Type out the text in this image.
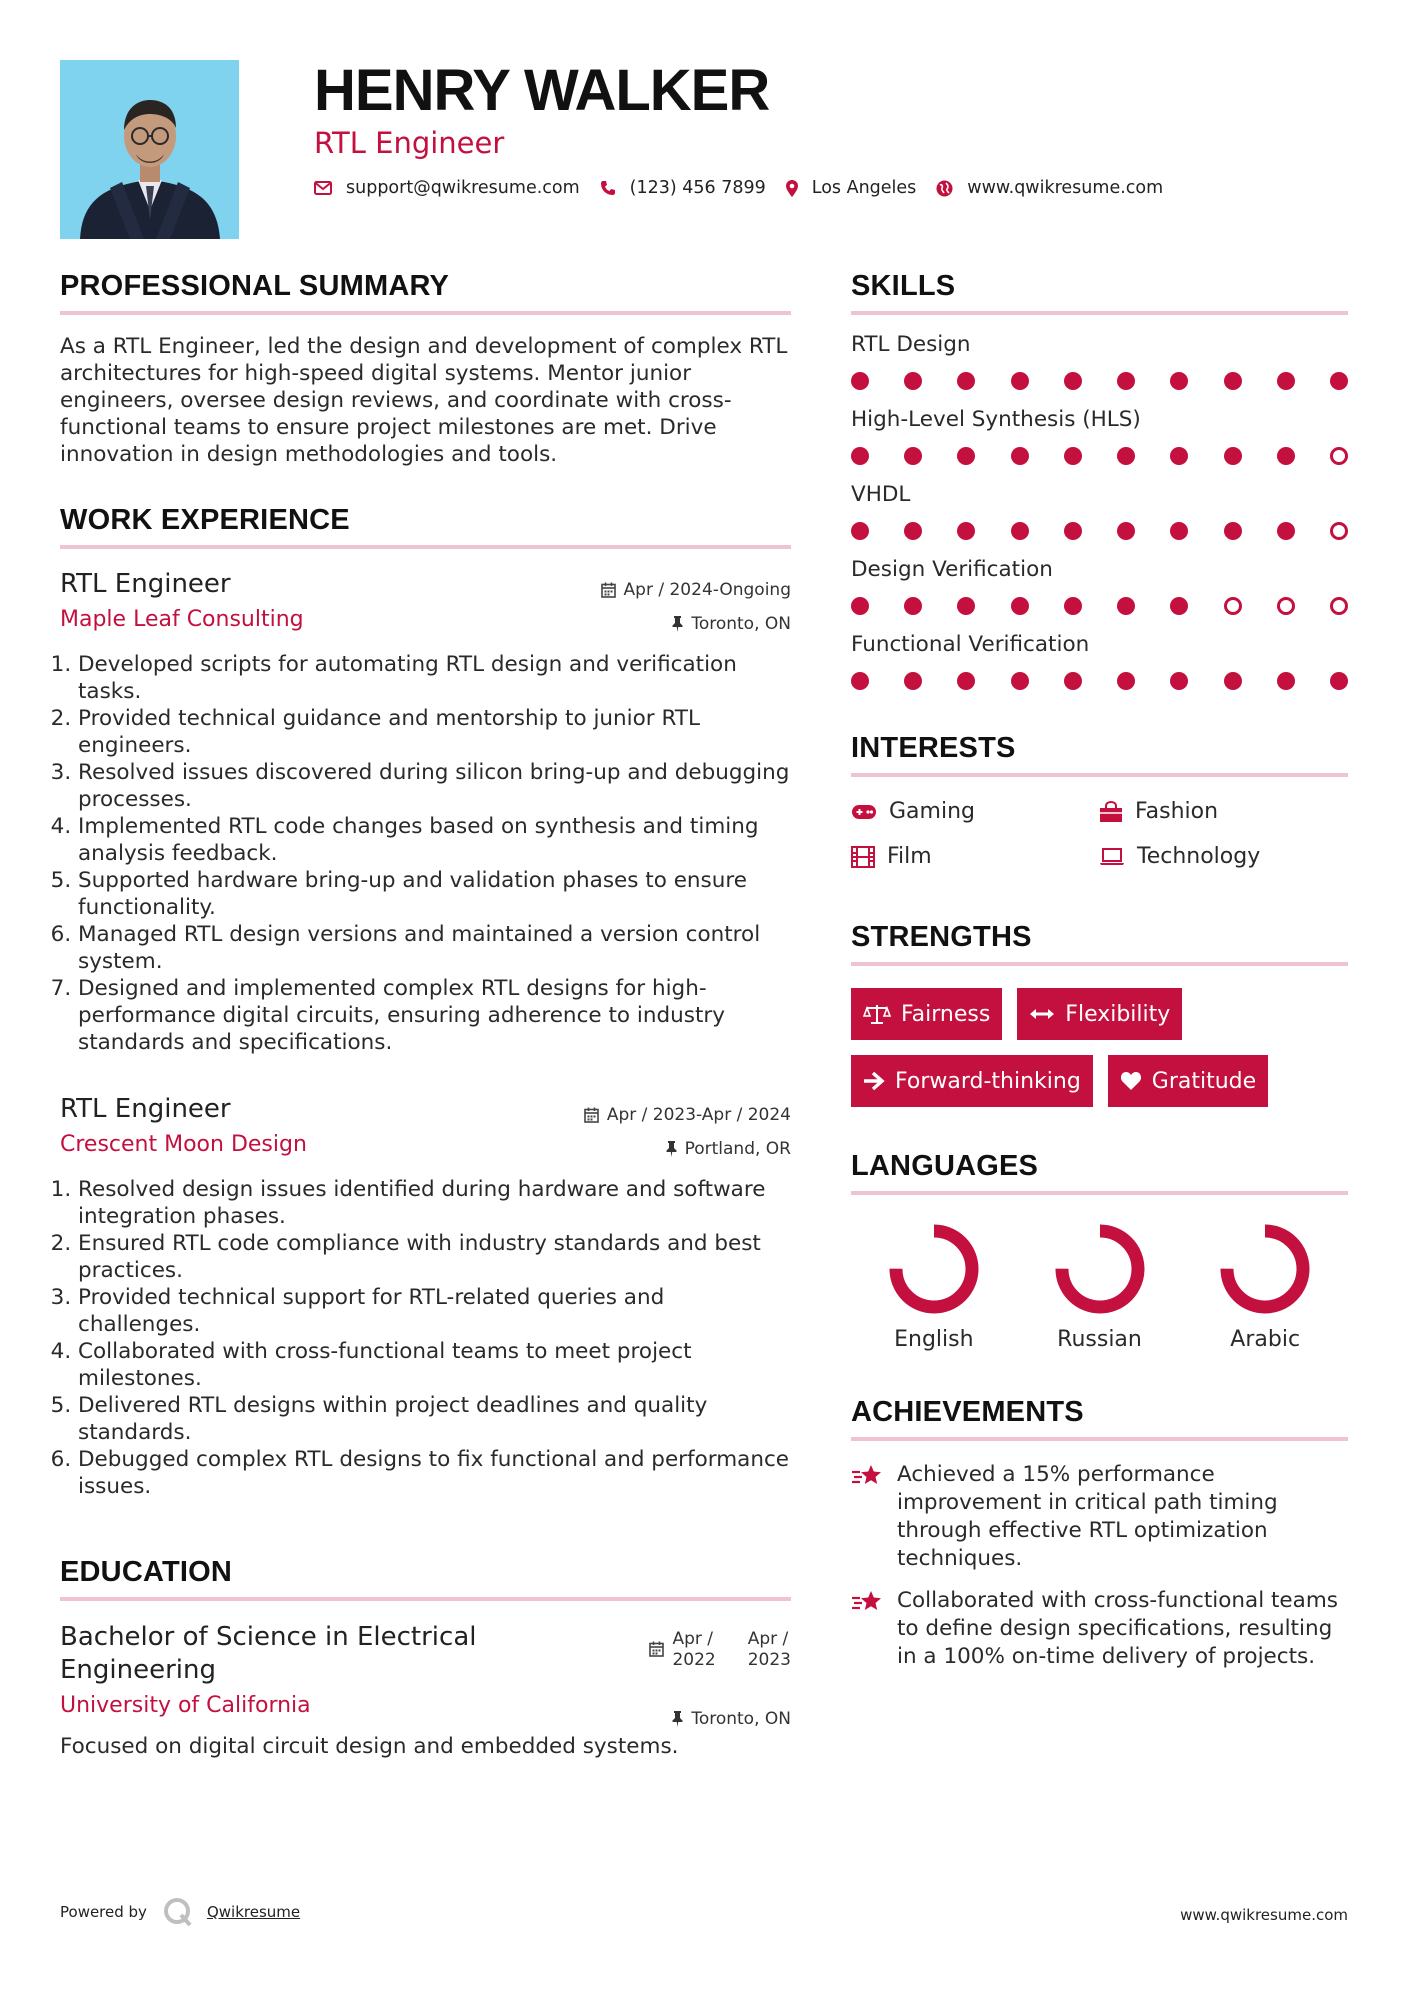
HENRY WALKER
RTL Engineer
support@qwikresume.com	(123) 456 7899	Los Angeles	www.qwikresume.com
PROFESSIONAL SUMMARY
As a RTL Engineer, led the design and development of complex RTL architectures for high-speed digital systems. Mentor junior engineers, oversee design reviews, and coordinate with cross-functional teams to ensure project milestones are met. Drive innovation in design methodologies and tools.
WORK EXPERIENCE
RTL Engineer
Maple Leaf Consulting
Apr / 2024-Ongoing
Toronto, ON
1. Developed scripts for automating RTL design and verification tasks.
2. Provided technical guidance and mentorship to junior RTL engineers.
3. Resolved issues discovered during silicon bring-up and debugging processes.
4. Implemented RTL code changes based on synthesis and timing analysis feedback.
5. Supported hardware bring-up and validation phases to ensure functionality.
6. Managed RTL design versions and maintained a version control system.
7. Designed and implemented complex RTL designs for high-performance digital circuits, ensuring adherence to industry standards and specifications.
RTL Engineer
Crescent Moon Design
Apr / 2023-Apr / 2024
Portland, OR
1. Resolved design issues identified during hardware and software integration phases.
2. Ensured RTL code compliance with industry standards and best practices.
3. Provided technical support for RTL-related queries and challenges.
4. Collaborated with cross-functional teams to meet project milestones.
5. Delivered RTL designs within project deadlines and quality standards.
6. Debugged complex RTL designs to fix functional and performance issues.
EDUCATION
Bachelor of Science in Electrical Engineering
University of California
Apr /
2022
Apr /
2023
Toronto, ON
Focused on digital circuit design and embedded systems.
SKILLS
RTL Design
High-Level Synthesis (HLS)
VHDL
Design Verification
Functional Verification
INTERESTS
Gaming	Fashion
Film	Technology
STRENGTHS
Fairness	Flexibility
Forward-thinking	Gratitude
LANGUAGES
English	Russian	Arabic
ACHIEVEMENTS
Achieved a 15% performance improvement in critical path timing through effective RTL optimization techniques.
Collaborated with cross-functional teams to define design specifications, resulting in a 100% on-time delivery of projects.
Powered by	Qwikresume	www.qwikresume.com
